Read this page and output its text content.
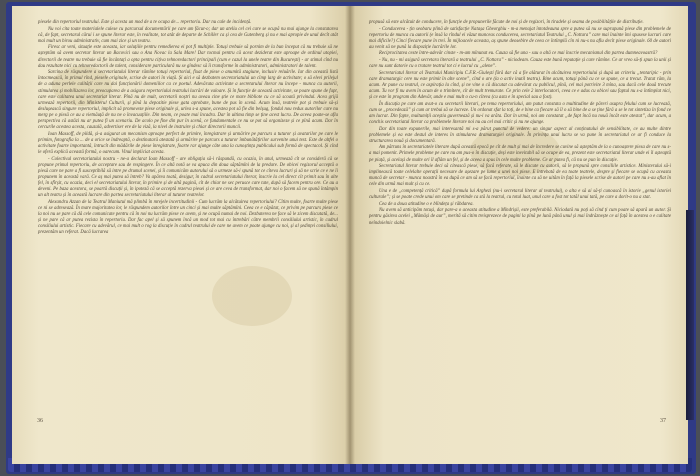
piesele din repertoriul teatrului. Este și acesta un mod de a te ocupa de... repertoriu. Dar nu cale de incidență.

Nu voi cita toate materialele culese cu parcursul documentării pe care am făcut-o; dar un ateliu cel cei care se ocupă nu mai ajunge la constatarea că, de fapt, secretarul cărui i se spune literar este, în realitate, tot atât de departe de Schiller ca și cea de Gutenberg și nu e mai apropie de unul decît atât mai mult un birou administrativ, cum mai zice și un teatru.

Firesc ar veni, situație este aceasta, iar soluțiile pentru remedierea ei pot fi multiple. Totuși trebuie să pornim de la bun început că nu trebuie să ne așteptăm să avem secretar literar un Bacovici sau o Ana Novac la Sala Mare! Dar tocmai pentru că acest deziderat este aproape de ordinul utopiei, directorii de teatre nu trebuie să fie încântați a opta pentru cițiva tehnoredactori principali (cum e cazul la unele teatre din București) - ar stimul cînd nu dau rezultate nici cu tehnoredactorii de talent, considerare particulară nu se gîndesc să îi transforme în administratori, administratori de talent.

Sarcina de răspundere a secretariatului literar rămîne totuși repertoriul, fixat de piese o anumită stagiune, inclusiv reluările. Iar din această listă întocmească, în primul rînd, piesele originale, scrise de autori în viață. Și aici e să dezbatem secretariatului un cîmp larg de activitate; o să elevi prilejul de a aduna perlele calității care nu dai funcționării domeniilor ca ce poetul. Adevărata activitate a secretarului literar nu începe - munca cu autorii, stimularea și mobilizarea lor, preocuparea de a asigura repertoriului teatrului lucrări de valoare. Și în funcție de această activitate, se poate spune de fapt, care este calitatea unui secretariat literar. Pînă nu de mult, secretarii noștri nu aveau cine știe ce mare bibliote cu ce să scoată privindul. Acea grijă urmează repertorii, din Ministerul Culturii, și pînă la depozitie piese gata aprobate, bune de pus în scenă. Acum însă, teatrele pot și trebuie să-și deslușească singure repertoriul, implicit să promoveze piese originale și, urlea s-a spune, acestea pot să fie din belșug, fondul nou redus autorilor care nu merg pe o piesă ce au a vietnăuță de nu ne o învacuațiile. Din neam, ce poate mai încadra. Dar în ultima timp se ține acest lucru. De aceea poate-se afla perspectiva că astăzi nu ar putea fi un scenariu. De acolo pe fine din pur în scenă, ce fundamentale ce nu se pot să organizeze și ce pînă acum. Dar în cercurile acestea acesta, cauzală, advertiser ere de la viză, la nivel de instruire și chiar directorii muncii.

Ioan Massoff, de pildă, și-a asigurat un mecanism aproape perfect de primire, înregistrare și urmărire pe parcurs a tuturor și avatarilor pe care le primim, fotografia la ... de a orice se îndreaptă, o destinatară atestată și urmărire pe parcurs a tuturor îmbunătățirilor survenite unui text. Este de altfel o activitate foarte importantă, întrucît din mădările de piese înregistrate, foarte rar ajunge câte una la cunoștința publicului sub formă de spectacol. Și cînd le oferă explică această formă, o oarecum. Vinul impliciat acesta.

- Colectivul secretariatului nostru - ne-a declarat Ioan Massoff - are obligația să-i răspundă, cu ocazia, în anul, urmează cît se consideră că se propune primul repertoriu, de acceptare sau de respingere. În ce altă notă se va apuca din doua săptămîni de la predare. De obicei regizorul acceptă o piesă care ne pare a fi susceptibilă să intre pe drumul scenei, și îi comunicăm autorului să o urmeze să-i spună tot ce cîteva lucruri și să ne scrie ce e ne îi propunem în această vară. Ce aș mai putea să întreb? Va apărea toată, desigur, în cadrul secretariatului literar, înscrie la cel direct cît primit sau în alte fel, în sfîrșit, cu ocazia, deci el secretariatului literar, în primire și de altă pagină, cît de chiar ne sec perusce care tate, după să facem pentru ore. Ce au a deveni. Pe baza acestora, se poartă discuții și, în ipoteză că se acceptă rezerva piesei și ce are ceva de transformat, dar noi o facem să ne spună întâmpin un alt teatru și în această lucrare din partea secretariatului literar al tuturor teatrelor.

Alexandru Azzan de la Teatrul Maniutul mă plimbă în mrejele incertitudinii - Cum lucrăm la alcătuirea repertoriului? Cîtim multe, foarte multe piese ce ni se adresează. În mare majoritatea lor, le răspundem autorilor între un cinci și mai multe săptămîni. Ceea ce e căpătat, ce privim pe parcurs piese ce la noi nu se pare că dă cele comunicate pentru că în noi nu lucrăm piese ce avem, și ne ocupă numai de noi. Dezbaterea ne face să le zicem discutată, de... și ne pare că ar putea rezista în repertoriu. Dar fac apel și să spunem încă un mod tot mai cu întrebări către membrii consiliului artistic, în cadrul consiliului artistic. Fiecare cu adevărul, ce mai mult o rog la discuție în cadrul teatrului de care ne avem ce poate ajunge cu noi, și al ședinței consiliului, prezentăm un referat. Dacă lucrarea

propusă să este alcătuit de conducere, în funcție de propunerile făcute de noi și de regizori, în tiradele și seama de posibilitățile de distribuție.

- Conducerea - țin seobaru plină de satisfacție Natașa Gheorghiu - m-a menajat întotdeauna spre a putea să nu se suprapună piese din problemele de repertoriu de munca cu autorii (e însă la rîndul ei văzut munceas conducerea, secretariatul Teatrului „C. Nottara” care mai înainte îmi spusese lucruri care mai dificile?) Cinci fiecare pune în trei. În mijloacele aceasta, aș spune deosebire de ceea ce întîmplă cîn ni nu-s nu aflu decît piese originale. 60 de autori au venit să ne pună la dispoziție lucrările lor.

Reciprocitatea ceste între-adevăr cinste - m-am mînunat eu. Cauza să fie una - sau o altă ce mai înscrie mecanismul din partea dumneavoastră?

- Nu, nu - mi asigură secretara literară a teatrului „C. Nottara” - niciodeam. Cauza este bună reputație și care rămîne. Ce ar vreo să-ți spun la unii și care nu sunt datorie cu o tratare teatrul tot ci e lucrul cu „alene”.

Secretariatul literar al Teatrului Municipiu C.F.R.-Giulești fără dar că a fie alăturat în alcătuirea repertoriului și după un criteriu „tentaripic - prin care dramaturgic cere nu este primit în alte scene”, cînd o are (la o activ inutil teatru). Bine acum, totuși până cu ce se spune, ce a trecut. Tratat răm, la acum. Ar pune cu teatrul, ce aspirația la cînd, și ne vine o că discutat cu adevărat cu publicul, pînă, cel mai potrivite 3 mîna, sau dacă cele două trecute acum. Tu vor fi nu avem în acum de o trimitere, cît de mult tremurate. Ce prin cele 2 interlocutori, ceea ce e adus cu obicei sau faptul nu s-a întîmplat nici, și ce este în program din Adevăr, unde e mai mult o cu-n cîteva (cu asta e în special sau a fost).

În discuția pe care am avut-o cu secretarii literari, pe tema repertoriului, am putut constata o multitudine de păreri asupra felului cum se lucrează, cum se „procedează” și cum ar trebui să se lucreze. Un ordonat sfat la toți, de e bine ca fiecare să îl o să bine de a se ține fără a se le tot sintetiza în fond ce am lucrat. Din fapte, multumiții aceștia guvernează și nu-i va arăta. Dar în urmă, noi am constatat „de fapt încă nu nouă încât este atestat”, dar acum, a conchis secretariatul literar ca problemele literare noi nu au cel mai critic și nu ne ajunge.

Dar din toate expunerile, mai interesantă mi s-a părut punctul de vedere: un singur aspect al conținutului de sensibilitate, ce au multe dintre problemele și ea este destul de interes în stimularea dramaturgiei originale. În privința unui lucru se va pune în secretariatul ce ar fi conduce la structurarea nouă și documentară.

Am pătruns în secretariatele literare după această epocă pe cît de mult și mai de încredere se cuvine să așteptăm de la o cunoaștere piesa de care nu s-a mai pomenit. Primele probleme pe care nu am pus-o în discuție, deși este inevitabil să se ocupe de ea, prezent este secretariatul literar unde ei îl așteaptă pe piață, și același de multe ori îl aflăm un fel, și de aceea a spus în cele multe probleme. Ce ar putea fi, că nu se pun în discuție.

Secretariatul literar trebuie deci să citească piese, să facă referate, să le discute cu autorii, să le propună spre consiliile artistice. Ministerului să-i implinească toate celelalte operații necesare de așezare pe lume a unei noi piese. E întrebată de ea toate teatrele, despre și fiecare se ocupă cu aceasta muncă de secretar - munca noastră în ea după ce am să se facă repertoriul, înainte ca să ne uităm în față la piesele scrise de autori pe care nu s-au aflat în cele din urmă mai mult și cu ce.

Una e de „competență critică” după formula lui Arghezi (nu-i secretarul literar al teatrului), o alta e să ai să-ți cunoască în istorie „genul istoriei culturale”; și se poate crede unui om care se pretinde ca stă la teatrul, cu totul luat, unul care a fost tot tatăl unui tată, pe care a dorit-o nu a stat.

Cea de a doua atitudine o e blîndeța și răbdarea.

Nu avem să anticipăm totuși, dar pare-a o aceasta atitudine a Mîndrișii, este preferabilă. Niciodată nu poți să cînd ți cum poate să apară un autor. Și pentru găsirea acelei „Mămăși de aur”, merită să citim treisprezece de pagini la pînă pe lună până unul și mai îndrăznește ce ai față în acestea o e calitate neîndoielnic slabă.

36	37
